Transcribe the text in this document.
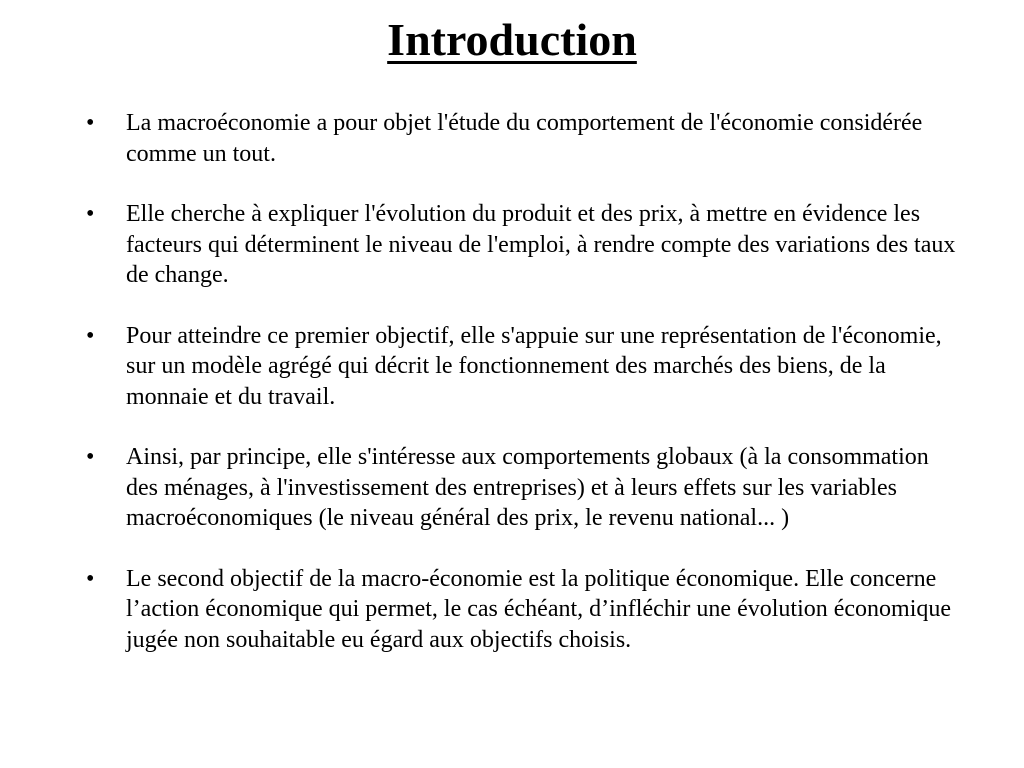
Introduction
• La macroéconomie a pour objet l'étude du comportement de l'économie considérée comme un tout.
• Elle cherche à expliquer l'évolution du produit et des prix, à mettre en évidence les facteurs qui déterminent le niveau de l'emploi, à rendre compte des variations des taux de change.
• Pour atteindre ce premier objectif, elle s'appuie sur une représentation de l'économie, sur un modèle agrégé qui décrit le fonctionnement des marchés des biens, de la monnaie et du travail.
• Ainsi, par principe, elle s'intéresse aux comportements globaux (à la consommation des ménages, à l'investissement des entreprises) et à leurs effets sur les variables macroéconomiques (le niveau général des prix, le revenu national... )
• Le second objectif de la macro-économie est la politique économique. Elle concerne l’action économique qui permet, le cas échéant, d’infléchir une évolution économique jugée non souhaitable eu égard aux objectifs choisis.
